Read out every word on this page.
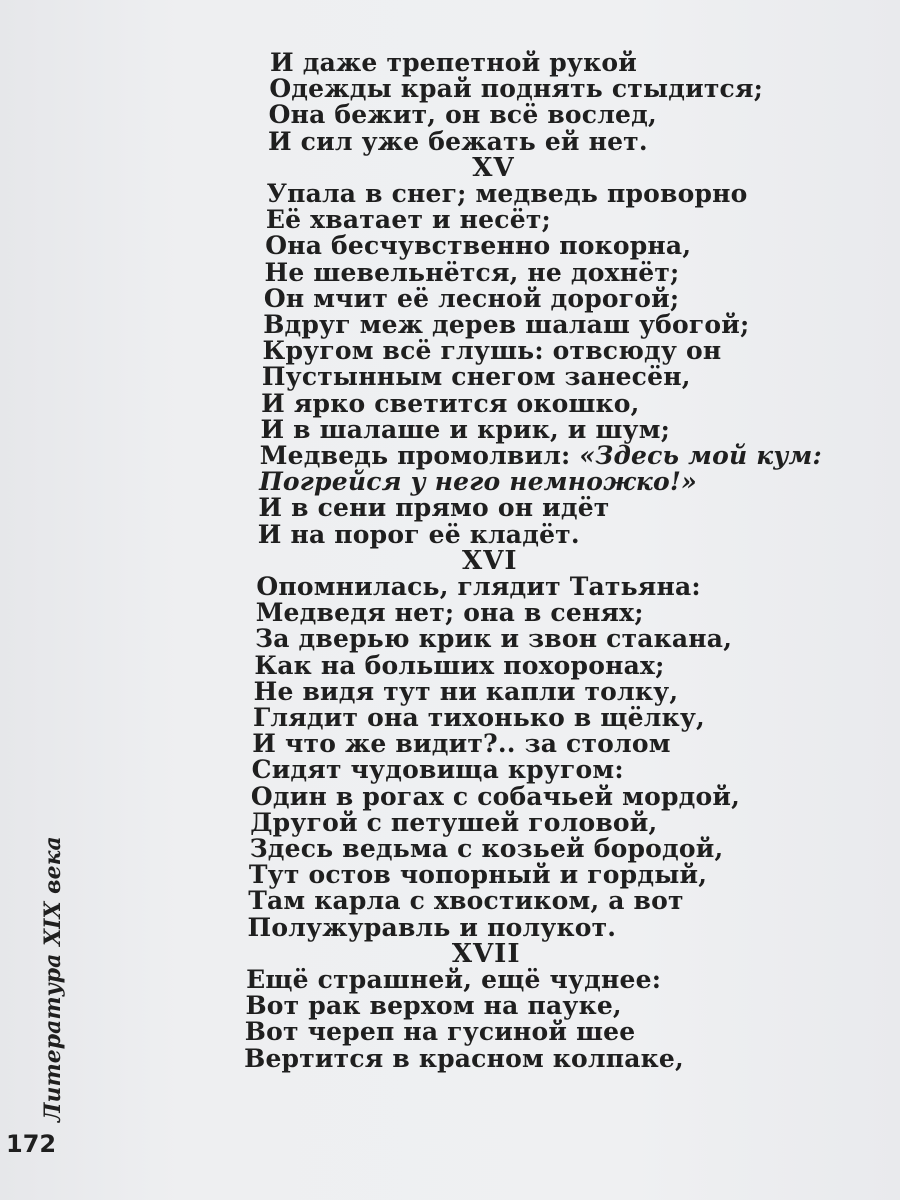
И даже трепетной рукой
Одежды край поднять стыдится;
Она бежит, он всё вослед,
И сил уже бежать ей нет.
XV
Упала в снег; медведь проворно
Её хватает и несёт;
Она бесчувственно покорна,
Не шевельнётся, не дохнёт;
Он мчит её лесной дорогой;
Вдруг меж дерев шалаш убогой;
Кругом всё глушь: отвсюду он
Пустынным снегом занесён,
И ярко светится окошко,
И в шалаше и крик, и шум;
Медведь промолвил: «Здесь мой кум:
Погрейся у него немножко!»
И в сени прямо он идёт
И на порог её кладёт.
XVI
Опомнилась, глядит Татьяна:
Медведя нет; она в сенях;
За дверью крик и звон стакана,
Как на больших похоронах;
Не видя тут ни капли толку,
Глядит она тихонько в щёлку,
И что же видит?.. за столом
Сидят чудовища кругом:
Один в рогах с собачьей мордой,
Другой с петушей головой,
Здесь ведьма с козьей бородой,
Тут остов чопорный и гордый,
Там карла с хвостиком, а вот
Полужуравль и полукот.
XVII
Ещё страшней, ещё чуднее:
Вот рак верхом на пауке,
Вот череп на гусиной шее
Вертится в красном колпаке,
Литература XIX века
172
